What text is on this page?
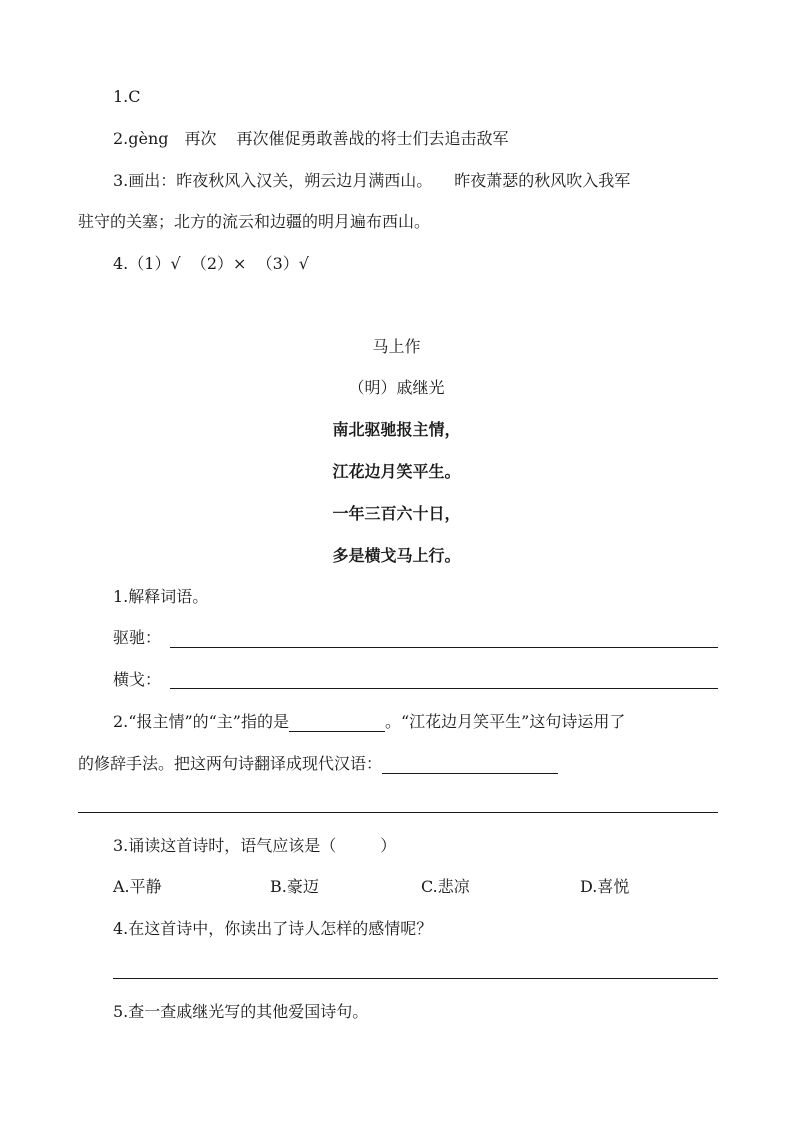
1.C
2.gèng 再次 再次催促勇敢善战的将士们去追击敌军
3.画出：昨夜秋风入汉关，朔云边月满西山。 昨夜萧瑟的秋风吹入我军
驻守的关塞；北方的流云和边疆的明月遍布西山。
4.（1）√  （2）×  （3）√
马上作
（明）戚继光
南北驱驰报主情，
江花边月笑平生。
一年三百六十日，
多是横戈马上行。
1.解释词语。
驱驰：
横戈：
2.“报主情”的“主”指的是	。“江花边月笑平生”这句诗运用了
的修辞手法。把这两句诗翻译成现代汉语：
3.诵读这首诗时，语气应该是（	）
A.平静	B.豪迈	C.悲凉	D.喜悦
4.在这首诗中，你读出了诗人怎样的感情呢？
5.查一查戚继光写的其他爱国诗句。
